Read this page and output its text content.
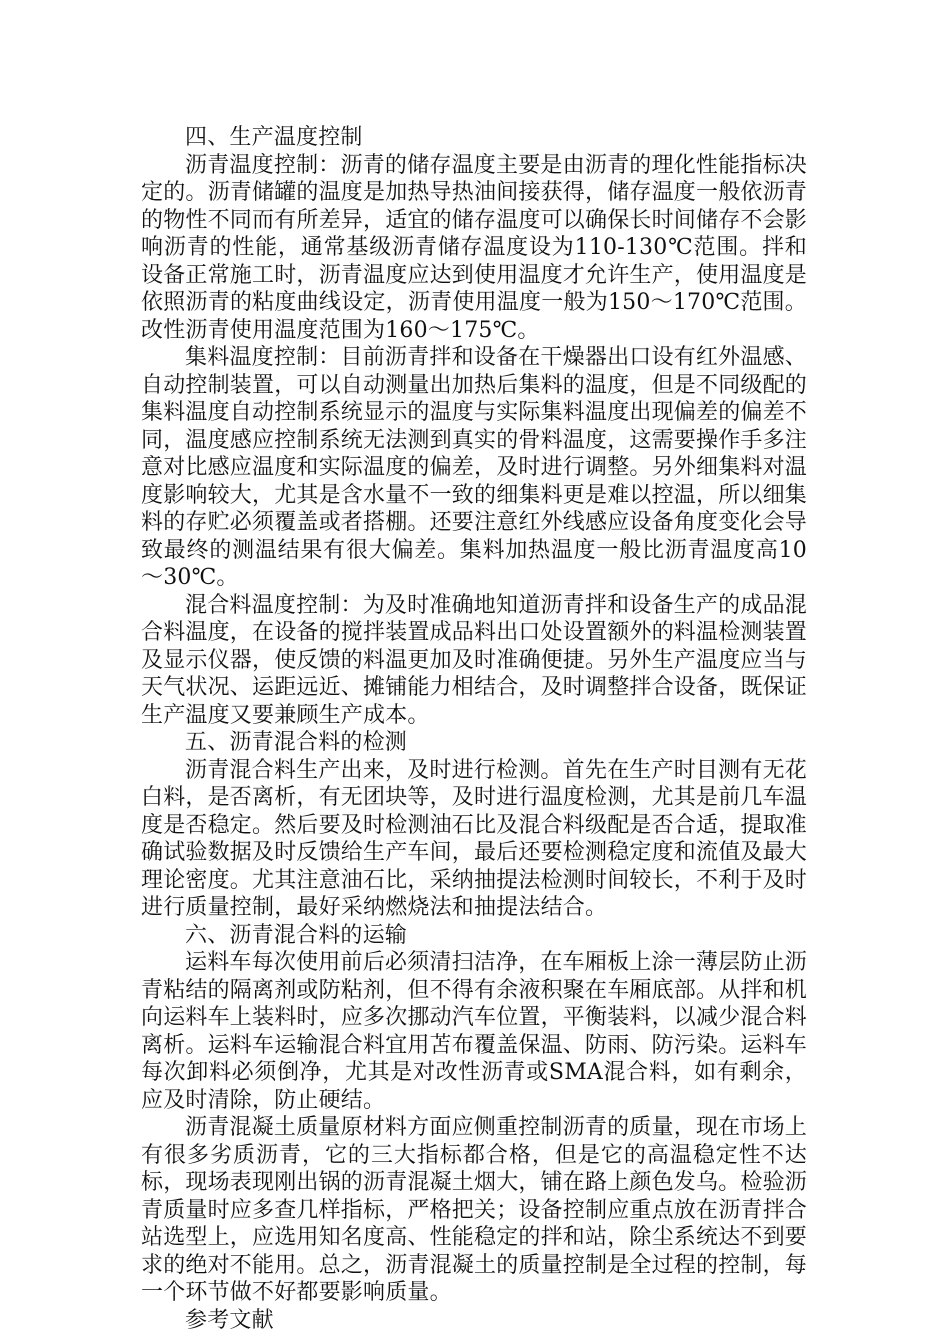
四、生产温度控制

沥青温度控制：沥青的储存温度主要是由沥青的理化性能指标决定的。沥青储罐的温度是加热导热油间接获得，储存温度一般依沥青的物性不同而有所差异，适宜的储存温度可以确保长时间储存不会影响沥青的性能，通常基级沥青储存温度设为110-130℃范围。拌和设备正常施工时，沥青温度应达到使用温度才允许生产，使用温度是依照沥青的粘度曲线设定，沥青使用温度一般为150～170℃范围。改性沥青使用温度范围为160～175℃。

集料温度控制：目前沥青拌和设备在干燥器出口设有红外温感、自动控制装置，可以自动测量出加热后集料的温度，但是不同级配的集料温度自动控制系统显示的温度与实际集料温度出现偏差的偏差不同，温度感应控制系统无法测到真实的骨料温度，这需要操作手多注意对比感应温度和实际温度的偏差，及时进行调整。另外细集料对温度影响较大，尤其是含水量不一致的细集料更是难以控温，所以细集料的存贮必须覆盖或者搭棚。还要注意红外线感应设备角度变化会导致最终的测温结果有很大偏差。集料加热温度一般比沥青温度高10～30℃。

混合料温度控制：为及时准确地知道沥青拌和设备生产的成品混合料温度，在设备的搅拌装置成品料出口处设置额外的料温检测装置及显示仪器，使反馈的料温更加及时准确便捷。另外生产温度应当与天气状况、运距远近、摊铺能力相结合，及时调整拌合设备，既保证生产温度又要兼顾生产成本。

五、沥青混合料的检测

沥青混合料生产出来，及时进行检测。首先在生产时目测有无花白料，是否离析，有无团块等，及时进行温度检测，尤其是前几车温度是否稳定。然后要及时检测油石比及混合料级配是否合适，提取准确试验数据及时反馈给生产车间，最后还要检测稳定度和流值及最大理论密度。尤其注意油石比，采纳抽提法检测时间较长，不利于及时进行质量控制，最好采纳燃烧法和抽提法结合。

六、沥青混合料的运输

运料车每次使用前后必须清扫洁净，在车厢板上涂一薄层防止沥青粘结的隔离剂或防粘剂，但不得有余液积聚在车厢底部。从拌和机向运料车上装料时，应多次挪动汽车位置，平衡装料，以减少混合料离析。运料车运输混合料宜用苫布覆盖保温、防雨、防污染。运料车每次卸料必须倒净，尤其是对改性沥青或SMA混合料，如有剩余，应及时清除，防止硬结。

沥青混凝土质量原材料方面应侧重控制沥青的质量，现在市场上有很多劣质沥青，它的三大指标都合格，但是它的高温稳定性不达标，现场表现刚出锅的沥青混凝土烟大，铺在路上颜色发乌。检验沥青质量时应多查几样指标，严格把关；设备控制应重点放在沥青拌合站选型上，应选用知名度高、性能稳定的拌和站，除尘系统达不到要求的绝对不能用。总之，沥青混凝土的质量控制是全过程的控制，每一个环节做不好都要影响质量。

参考文献
